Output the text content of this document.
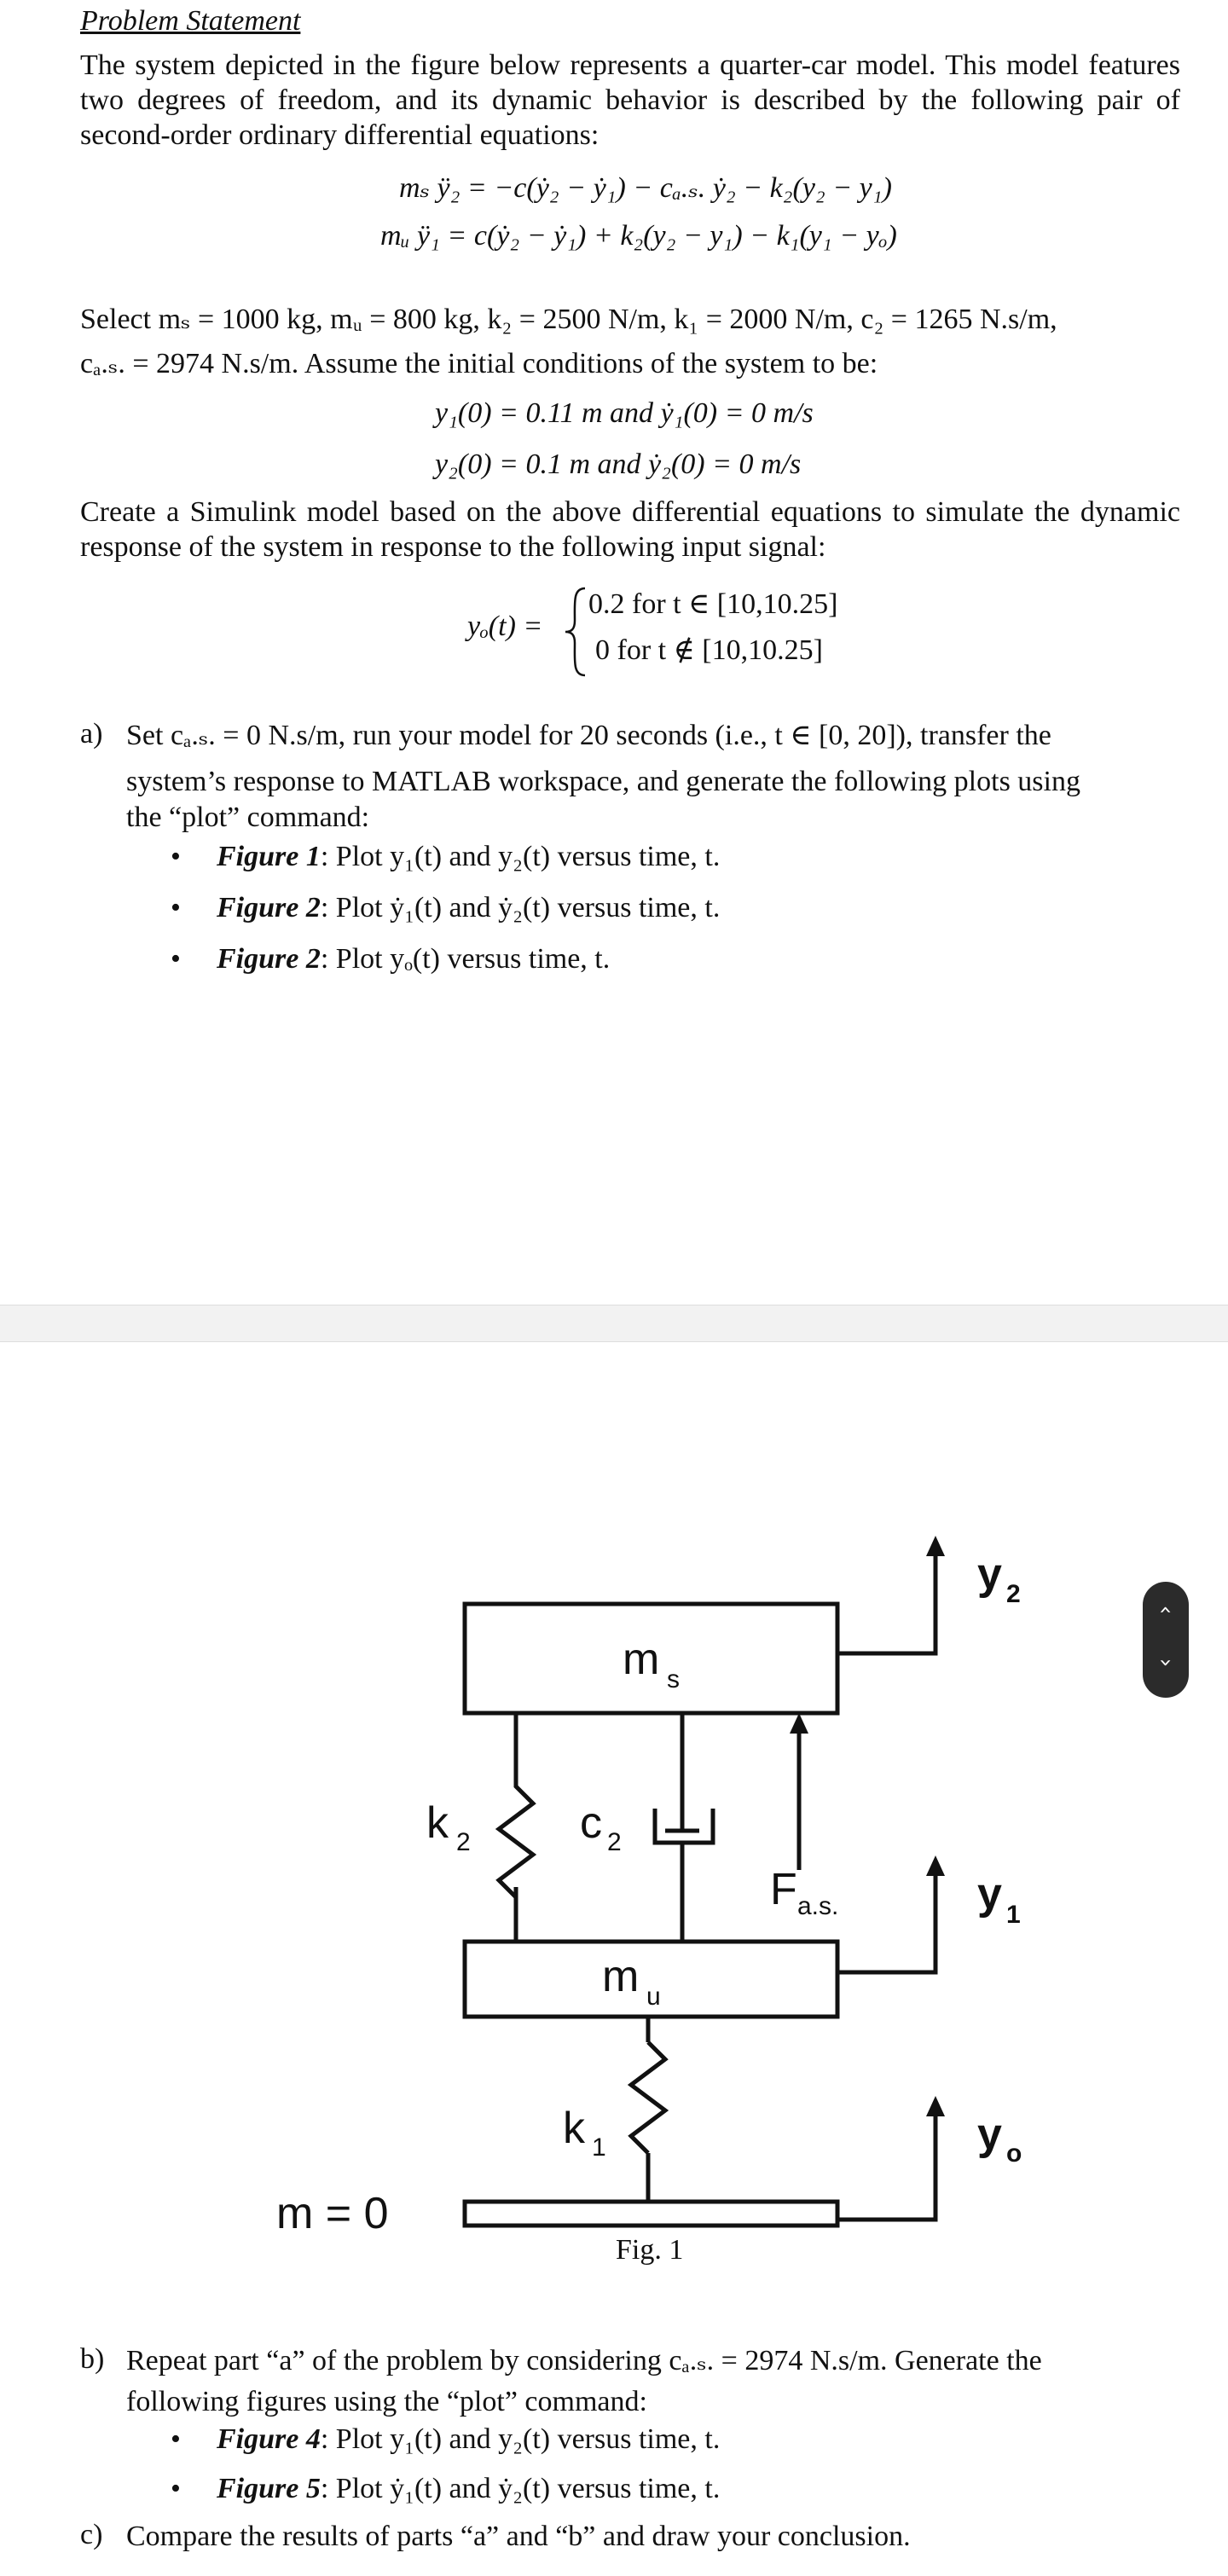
Problem Statement
The system depicted in the figure below represents a quarter-car model. This model features two degrees of freedom, and its dynamic behavior is described by the following pair of second-order ordinary differential equations:
mₛ ÿ₂ = −c(ẏ₂ − ẏ₁) − cₐ.ₛ. ẏ₂ − k₂(y₂ − y₁)
mᵤ ÿ₁ = c(ẏ₂ − ẏ₁) + k₂(y₂ − y₁) − k₁(y₁ − yₒ)
Select mₛ = 1000 kg, mᵤ = 800 kg, k₂ = 2500 N/m, k₁ = 2000 N/m, c₂ = 1265 N.s/m,
cₐ.ₛ. = 2974 N.s/m. Assume the initial conditions of the system to be:
y₁(0) = 0.11 m and ẏ₁(0) = 0 m/s
y₂(0) = 0.1 m and ẏ₂(0) = 0 m/s
Create a Simulink model based on the above differential equations to simulate the dynamic response of the system in response to the following input signal:
yₒ(t) =
0.2 for t ∈ [10,10.25]
0 for t ∉ [10,10.25]
a) Set cₐ.ₛ. = 0 N.s/m, run your model for 20 seconds (i.e., t ∈ [0, 20]), transfer the
system’s response to MATLAB workspace, and generate the following plots using
the “plot” command:
• Figure 1: Plot y₁(t) and y₂(t) versus time, t.
• Figure 2: Plot ẏ₁(t) and ẏ₂(t) versus time, t.
• Figure 2: Plot yₒ(t) versus time, t.
m s
m u
k 2 c 2
F a.s.
k 1
y 2
y 1
y o
m = 0
Fig. 1
‹
›
b) Repeat part “a” of the problem by considering cₐ.ₛ. = 2974 N.s/m. Generate the
following figures using the “plot” command:
• Figure 4: Plot y₁(t) and y₂(t) versus time, t.
• Figure 5: Plot ẏ₁(t) and ẏ₂(t) versus time, t.
c) Compare the results of parts “a” and “b” and draw your conclusion.
